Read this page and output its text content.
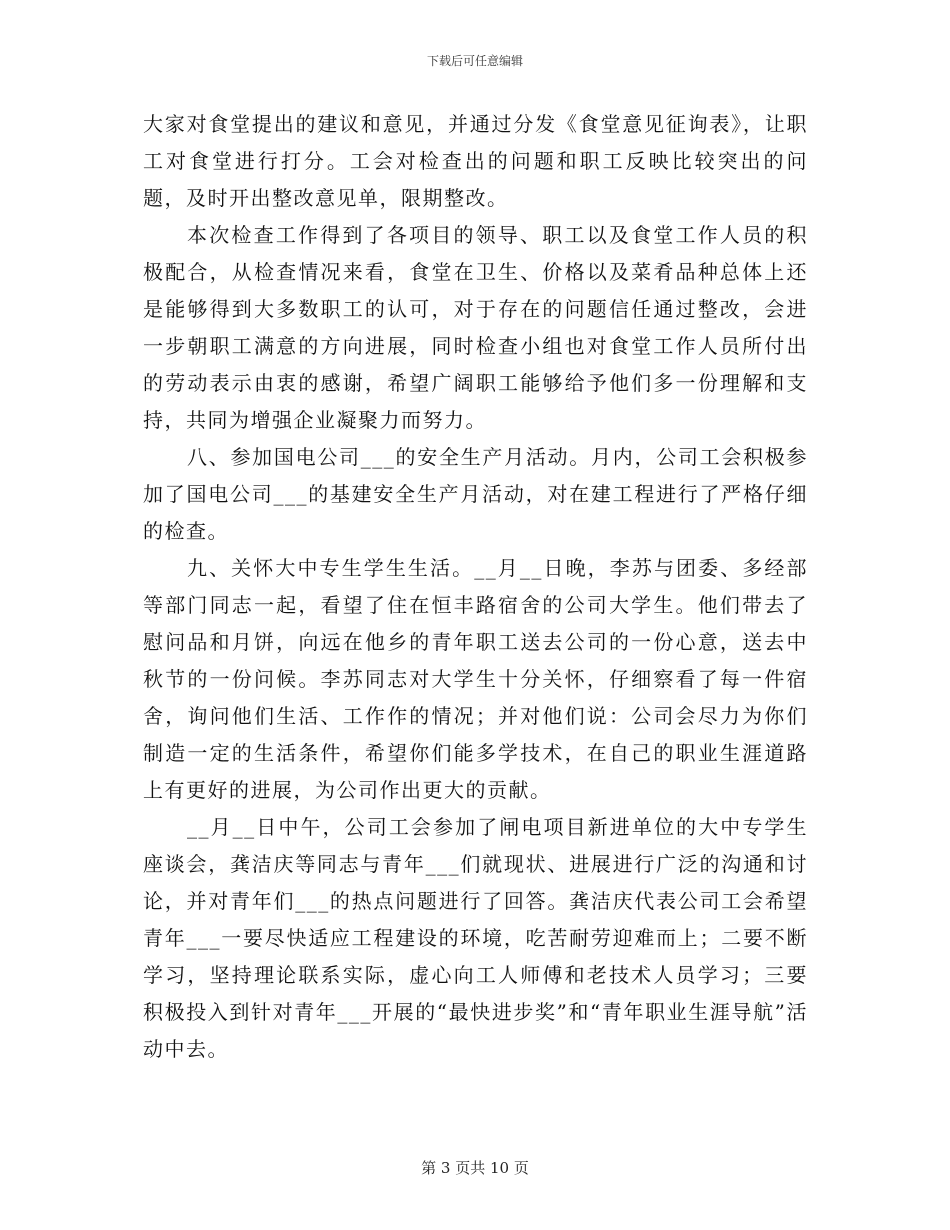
下载后可任意编辑

大家对食堂提出的建议和意见，并通过分发《食堂意见征询表》，让职工对食堂进行打分。工会对检查出的问题和职工反映比较突出的问题，及时开出整改意见单，限期整改。

本次检查工作得到了各项目的领导、职工以及食堂工作人员的积极配合，从检查情况来看，食堂在卫生、价格以及菜肴品种总体上还是能够得到大多数职工的认可，对于存在的问题信任通过整改，会进一步朝职工满意的方向进展，同时检查小组也对食堂工作人员所付出的劳动表示由衷的感谢，希望广阔职工能够给予他们多一份理解和支持，共同为增强企业凝聚力而努力。

八、参加国电公司___的安全生产月活动。月内，公司工会积极参加了国电公司___的基建安全生产月活动，对在建工程进行了严格仔细的检查。

九、关怀大中专生学生生活。__月__日晚，李苏与团委、多经部等部门同志一起，看望了住在恒丰路宿舍的公司大学生。他们带去了慰问品和月饼，向远在他乡的青年职工送去公司的一份心意，送去中秋节的一份问候。李苏同志对大学生十分关怀，仔细察看了每一件宿舍，询问他们生活、工作作的情况；并对他们说：公司会尽力为你们制造一定的生活条件，希望你们能多学技术，在自己的职业生涯道路上有更好的进展，为公司作出更大的贡献。

__月__日中午，公司工会参加了闸电项目新进单位的大中专学生座谈会，龚洁庆等同志与青年___们就现状、进展进行广泛的沟通和讨论，并对青年们___的热点问题进行了回答。龚洁庆代表公司工会希望青年___一要尽快适应工程建设的环境，吃苦耐劳迎难而上；二要不断学习，坚持理论联系实际，虚心向工人师傅和老技术人员学习；三要积极投入到针对青年___开展的“最快进步奖”和“青年职业生涯导航”活动中去。

第 3 页共 10 页
